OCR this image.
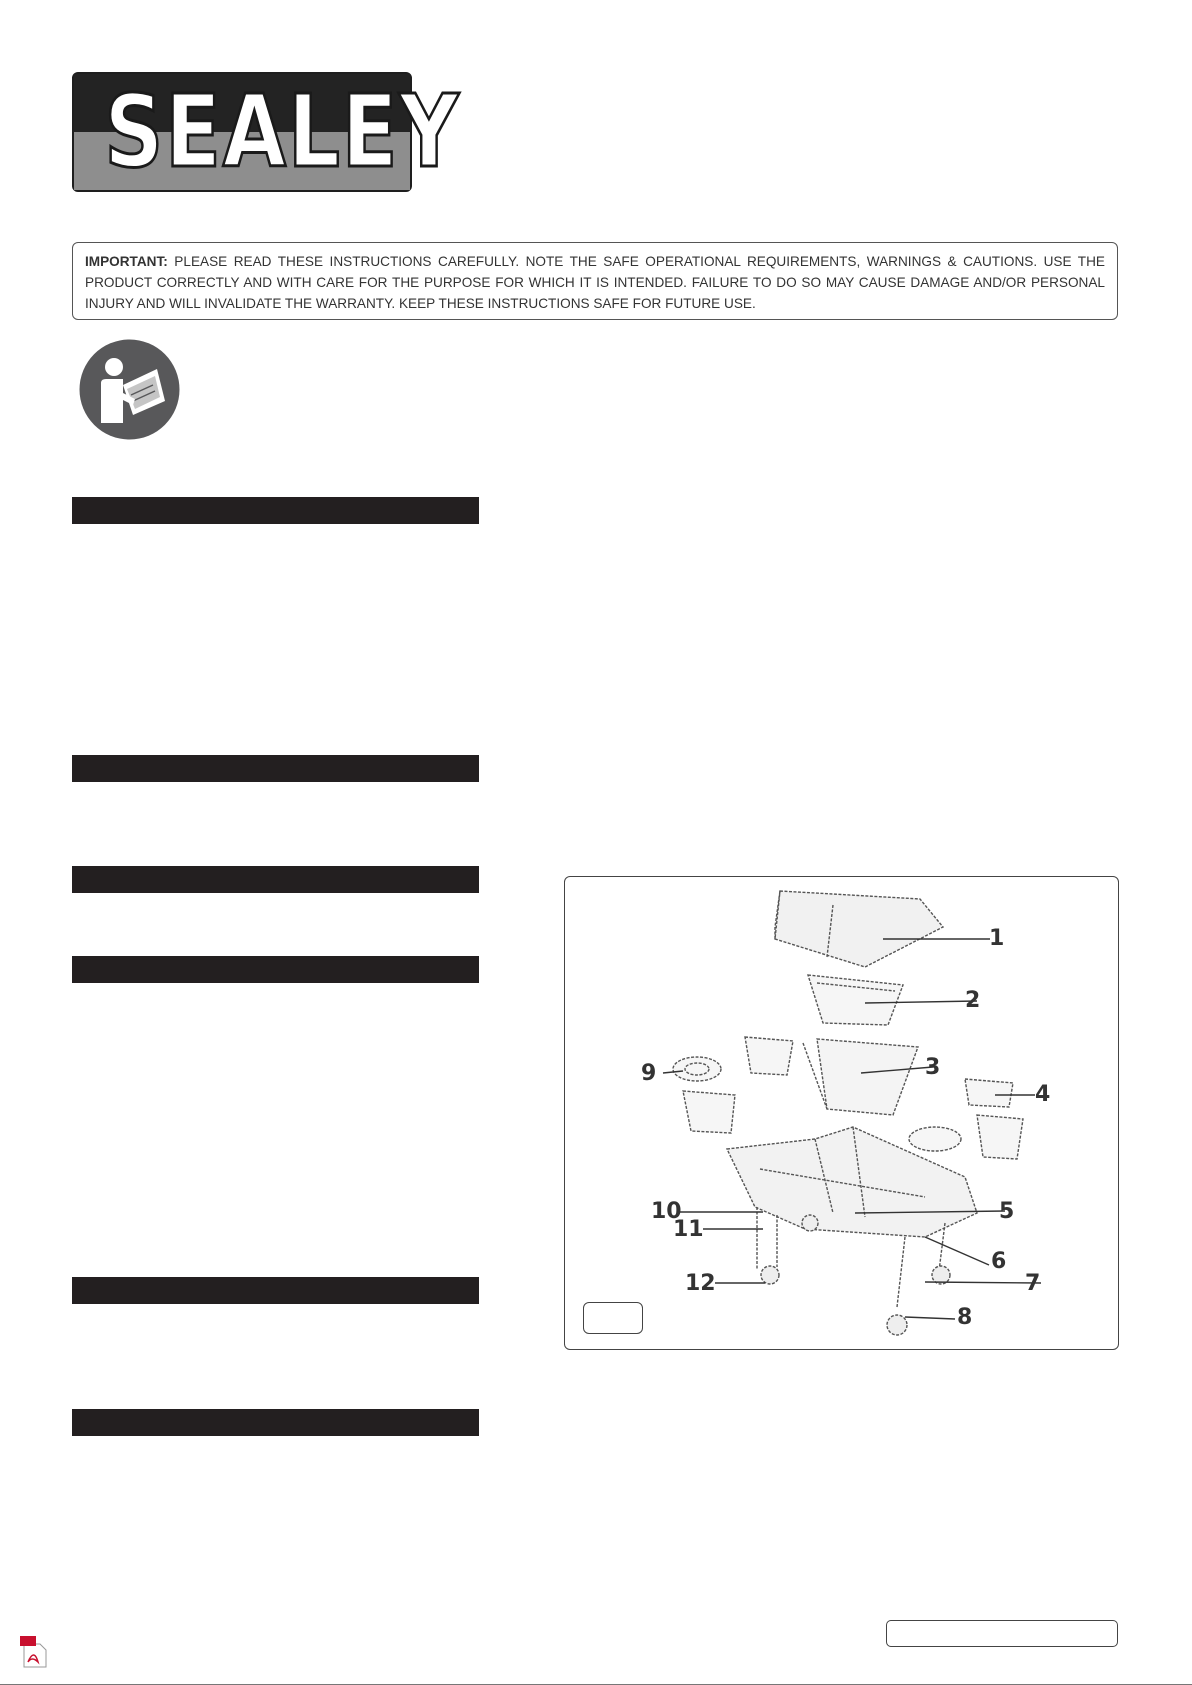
SEALEY
IMPORTANT: PLEASE READ THESE INSTRUCTIONS CAREFULLY. NOTE THE SAFE OPERATIONAL REQUIREMENTS, WARNINGS & CAUTIONS. USE THE PRODUCT CORRECTLY AND WITH CARE FOR THE PURPOSE FOR WHICH IT IS INTENDED. FAILURE TO DO SO MAY CAUSE DAMAGE AND/OR PERSONAL INJURY AND WILL INVALIDATE THE WARRANTY. KEEP THESE INSTRUCTIONS SAFE FOR FUTURE USE.
1
2
3
4
5
6
7
8
9
10
11
12
